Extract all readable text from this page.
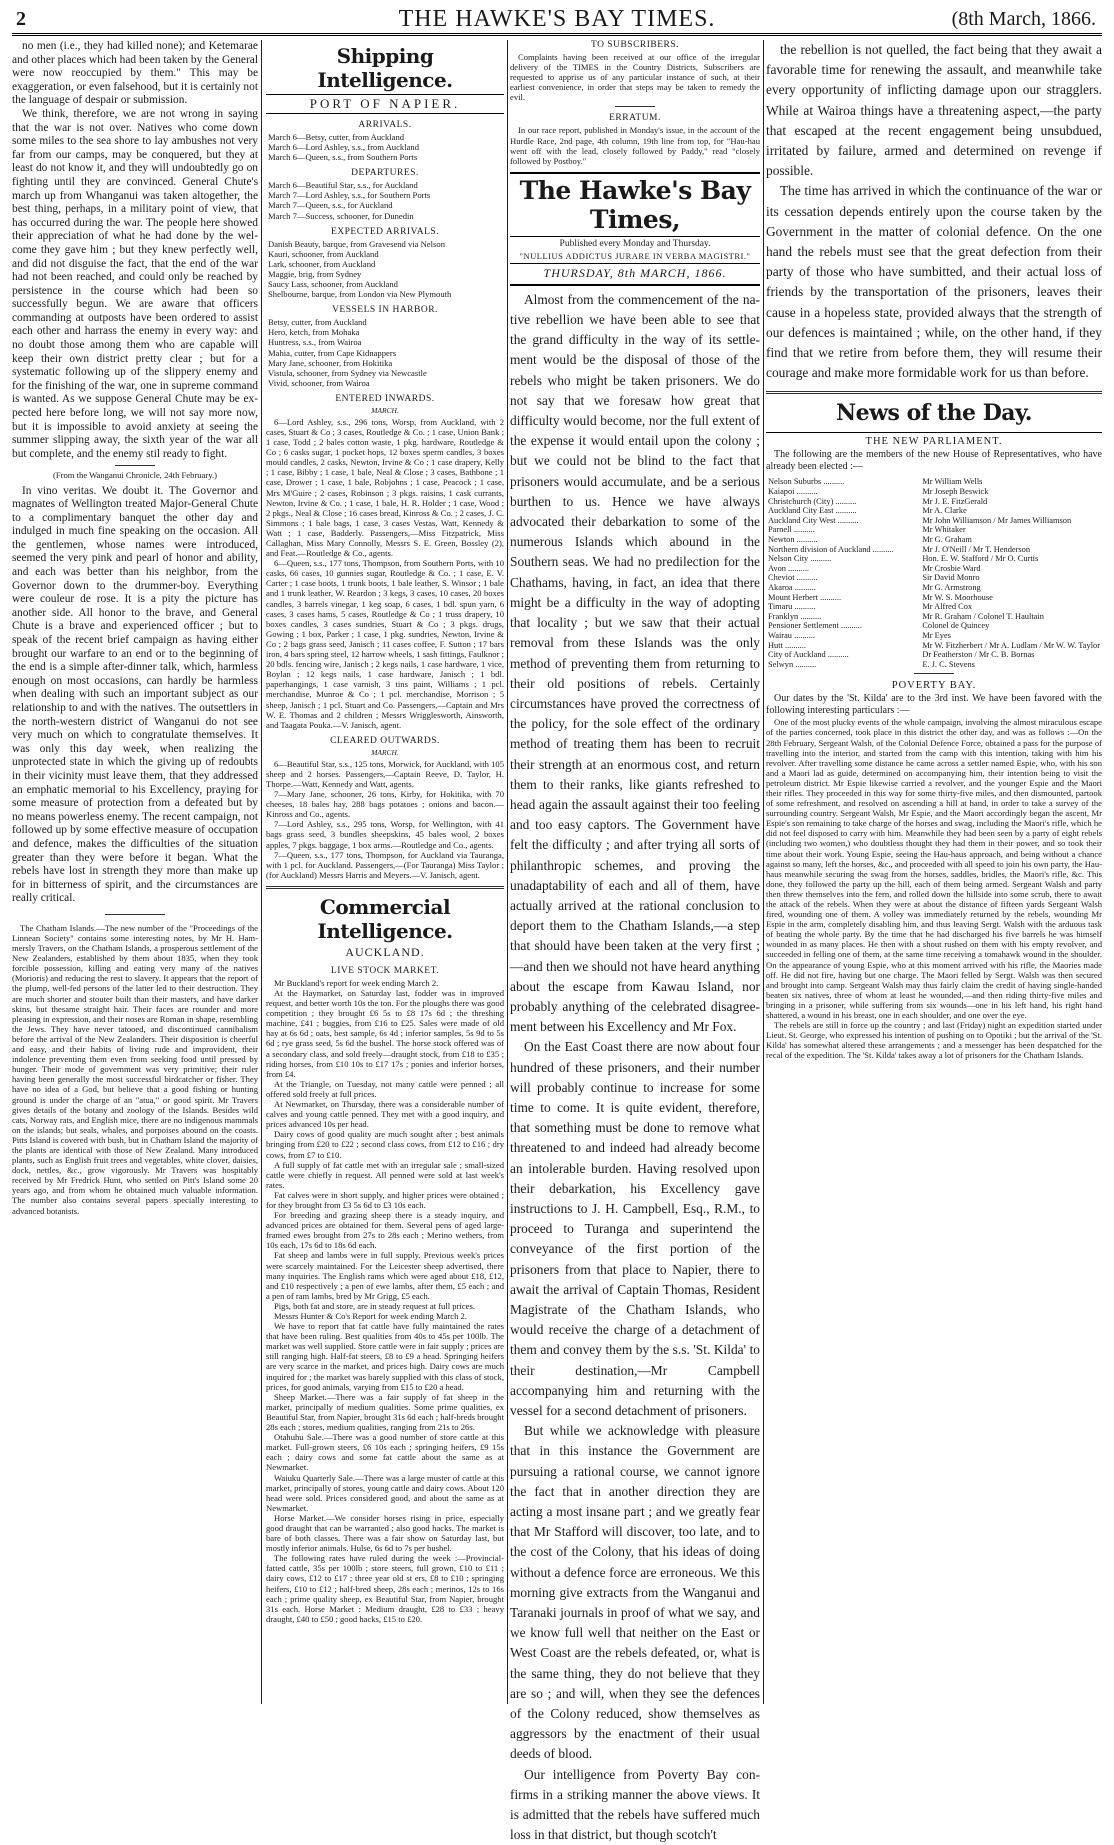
2	THE HAWKE'S BAY TIMES.	(8th March, 1866.

no men (i.e., they had killed none); and Ketemarae and other places which had been taken by the General were now reoccupied by them." This may be exaggeration, or even falsehood, but it is certainly not the language of despair or submission.

We think, therefore, we are not wrong in saying that the war is not over. Natives who come down some miles to the sea shore to lay ambushes not very far from our camps, may be conquered, but they at least do not know it, and they will undoubtedly go on fighting until they are convinced. General Chute's march up from Whanganui was taken altogether, the best thing, perhaps, in a military point of view, that has occurred during the war. The people here showed their appreciation of what he had done by the welcome they gave him ; but they knew perfectly well, and did not disguise the fact, that the end of the war had not been reached, and could only be reached by persistence in the course which had been so successfully begun. We are aware that officers commanding at outposts have been ordered to assist each other and harrass the enemy in every way: and no doubt those among them who are capable will keep their own district pretty clear ; but for a systematic following up of the slippery enemy and for the finishing of the war, one in supreme command is wanted. As we suppose General Chute may be expected here before long, we will not say more now, but it is impossible to avoid anxiety at seeing the summer slipping away, the sixth year of the war all but complete, and the enemy stil ready to fight.

(From the Wanganui Chronicle, 24th February.)

In vino veritas. We doubt it. The Governor and magnates of Wellington treated Major-General Chute to a complimentary banquet the other day and indulged in much fine speaking on the occasion. All the gentlemen, whose names were introduced, seemed the very pink and pearl of honor and ability, and each was better than his neighbor, from the Governor down to the drummer-boy. Everything were couleur de rose. It is a pity the picture has another side. All honor to the brave, and General Chute is a brave and experienced officer ; but to speak of the recent brief campaign as having either brought our warfare to an end or to the beginning of the end is a simple after-dinner talk, which, harmless enough on most occasions, can hardly be harmless when dealing with such an important subject as our relationship to and with the natives. The outsettlers in the north-western district of Wanganui do not see very much on which to congratulate themselves. It was only this day week, when realizing the unprotected state in which the giving up of redoubts in their vicinity must leave them, that they addressed an emphatic memorial to his Excellency, praying for some measure of protection from a defeated but by no means powerless enemy. The recent campaign, not followed up by some effective measure of occupation and defence, makes the difficulties of the situation greater than they were before it began. What the rebels have lost in strength they more than make up for in bitterness of spirit, and the circumstances are really critical.

The Chatham Islands.—The new number of the "Proceedings of the Linnean Society" contains some interesting notes, by Mr H. Hammersly Travers, on the Chatham Islands, a prosperous settlement of the New Zealanders, established by them about 1835, when they took forcible possession, killing and eating very many of the natives (Morioris) and reducing the rest to slavery. It appears that the report of the plump, well-fed persons of the latter led to their destruction. They are much shorter and stouter built than their masters, and have darker skins, but thesame straight hair. Their faces are rounder and more pleasing in expression, and their noses are Roman in shape, resembling the Jews. They have never tatooed, and discontinued cannibalism before the arrival of the New Zealanders. Their disposition is cheerful and easy, and their habits of living rude and improvident, their indolence preventing them even from seeking food until pressed by hunger. Their mode of government was very primitive; their ruler having been generally the most successful birdcatcher or fisher. They have no idea of a God, but believe that a good fishing or hunting ground is under the charge of an "atua," or good spirit. Mr Travers gives details of the botany and zoology of the Islands. Besides wild cats, Norway rats, and English mice, there are no indigenous mammals on the islands; but seals, whales, and porpoises abound on the coasts. Pitts Island is covered with bush, but in Chatham Island the majority of the plants are identical with those of New Zealand. Many introduced plants, such as English fruit trees and vegetables, white clover, daisies, dock, nettles, &c., grow vigorously. Mr Travers was hospitably received by Mr Fredrick Hunt, who settled on Pitt's Island some 20 years ago, and from whom he obtained much valuable information. The number also contains several papers specially interesting to advanced botanists.

Shipping Intelligence.
PORT OF NAPIER.
ARRIVALS.
March 6—Betsy, cutter, from Auckland
March 6—Lord Ashley, s.s., from Auckland
March 6—Queen, s.s., from Southern Ports
DEPARTURES.
March 6—Beautiful Star, s.s., for Auckland
March 7—Lord Ashley, s.s., for Southern Ports
March 7—Queen, s.s., for Auckland
March 7—Success, schooner, for Dunedin
EXPECTED ARRIVALS.
Danish Beauty, barque, from Gravesend via Nelson
Kauri, schooner, from Auckland
Lark, schooner, from Auckland
Maggie, brig, from Sydney
Saucy Lass, schooner, from Auckland
Shelbourne, barque, from London via New Plymouth
VESSELS IN HARBOR.
Betsy, cutter, from Auckland
Hero, ketch, from Mohaka
Huntress, s.s., from Wairoa
Mahia, cutter, from Cape Kidnappers
Mary Jane, schooner, from Hokitika
Vistula, schooner, from Sydney via Newcastle
Vivid, schooner, from Wairoa
ENTERED INWARDS.
MARCH.

6—Lord Ashley, s.s., 296 tons, Worsp, from Auckland, with 2 cases, Stuart & Co ; 3 cases, Routledge & Co. ; 1 case, Union Bank ; 1 case, Todd ; 2 bales cotton waste, 1 pkg. hardware, Routledge & Co ; 6 casks sugar, 1 pocket hops, 12 boxes sperm candles, 3 boxes mould candles, 2 casks, Newton, Irvine & Co ; 1 case drapery, Kelly ; 1 case, Bibby ; 1 case, 1 bale, Neal & Close ; 3 cases, Bathbone ; 1 case, Drower ; 1 case, 1 bale, Robjohns ; 1 case, Peacock ; 1 case, Mrs M'Guire ; 2 cases, Robinson ; 3 pkgs. raisins, 1 cask currants, Newton, Irvine & Co. ; 1 case, 1 bale, H. R. Holder ; 1 case, Wood ; 2 pkgs., Neal & Close ; 16 cases bread, Kinross & Co. ; 2 cases, J. C. Simmons ; 1 bale bags, 1 case, 3 cases Vestas, Watt, Kennedy & Watt ; 1 case, Badderly. Passengers,—Miss Fitzpatrick, Miss Callaghan, Miss Mary Connolly, Messrs S. E. Green, Bossley (2), and Feat.—Routledge & Co., agents.

6—Queen, s.s., 177 tons, Thompson, from Southern Ports, with 10 casks, 66 cases, 10 gunnies sugar, Routledge & Co. ; 1 case, E. V. Carter ; 1 case boots, 1 trunk boots, 1 bale leather, S. Winsor ; 1 bale and 1 trunk leather, W. Reardon ; 3 kegs, 3 cases, 10 cases, 20 boxes candles, 3 barrels vinegar, 1 keg soap, 6 cases, 1 bdl. spun yarn, 6 cases, 3 cases hams, 5 cases, Routledge & Co ; 1 truss drapery, 10 boxes candles, 3 cases sundries, Stuart & Co ; 3 pkgs. drugs, Gowing ; 1 box, Parker ; 1 case, 1 pkg. sundries, Newton, Irvine & Co ; 2 bags grass seed, Janisch ; 11 cases coffee, F. Sutton ; 17 bars iron, 4 bars spring steel, 12 harrow wheels, 1 sash fittings, Faulknor ; 20 bdls. fencing wire, Janisch ; 2 kegs nails, 1 case hardware, 1 vice, Boylan ; 12 kegs nails, 1 case hardware, Janisch ; 1 bdl. paperhangings, 1 case varnish, 3 tins paint, Williams ; 1 pcl. merchandise, Munroe & Co ; 1 pcl. merchandise, Morrison ; 5 sheep, Janisch ; 1 pcl. Stuart and Co. Passengers,—Captain and Mrs W. E. Thomas and 2 children ; Messrs Wrigglesworth, Ainsworth, and Taagata Pouka.—V. Janisch, agent.

CLEARED OUTWARDS.
MARCH.

6—Beautiful Star, s.s., 125 tons, Morwick, for Auckland, with 105 sheep and 2 horses. Passengers,—Captain Reeve, D. Taylor, H. Thorpe.—Watt, Kennedy and Watt, agents.

7—Mary Jane, schooner, 26 tons, Kirby, for Hokitika, with 70 cheeses, 18 bales hay, 288 bags potatoes ; onions and bacon.—Kinross and Co., agents.

7—Lord Ashley, s.s., 295 tons, Worsp, for Wellington, with 41 bags grass seed, 3 bundles sheepskins, 45 bales wool, 2 boxes apples, 7 pkgs. baggage, 1 box arms.—Routledge and Co., agents.

7—Queen, s.s., 177 tons, Thompson, for Auckland via Tauranga, with 1 pcl. for Auckland. Passengers,—(For Tauranga) Miss Taylor ; (for Auckland) Messrs Harris and Meyers.—V. Janisch, agent.

Commercial Intelligence.
AUCKLAND.
LIVE STOCK MARKET.

Mr Buckland's report for week ending March 2.

At the Haymarket, on Saturday last, fodder was in improved request, and better worth 10s the ton. For the ploughs there was good competition ; they brought £6 5s to £8 17s 6d ; the threshing machine, £41 ; buggies, from £16 to £25. Sales were made of old hay at 6s 6d ; oats, best sample, 6s 4d ; inferior samples, 5s 9d to 5s 6d ; rye grass seed, 5s 6d the bushel. The horse stock offered was of a secondary class, and sold freely—draught stock, from £18 to £35 ; riding horses, from £10 10s to £17 17s ; ponies and inferior horses, from £4.

At the Triangle, on Tuesday, not many cattle were penned ; all offered sold freely at full prices.

At Newmarket, on Thursday, there was a considerable number of calves and young cattle penned. They met with a good inquiry, and prices advanced 10s per head.

Dairy cows of good quality are much sought after ; best animals bringing from £20 to £22 ; second class cows, from £12 to £16 ; dry cows, from £7 to £10.

A full supply of fat cattle met with an irregular sale ; small-sized cattle were chiefly in request. All penned were sold at last week's rates.

Fat calves were in short supply, and higher prices were obtained ; for they brought from £3 5s 6d to £3 10s each.

For breeding and grazing sheep there is a steady inquiry, and advanced prices are obtained for them. Several pens of aged large-framed ewes brought from 27s to 28s each ; Merino wethers, from 10s each, 17s 6d to 18s 6d each.

Fat sheep and lambs were in full supply. Previous week's prices were scarcely maintained. For the Leicester sheep advertised, there many inquiries. The English rams which were aged about £18, £12, and £10 respectively ; a pen of ewe lambs, after them, £5 each ; and a pen of ram lambs, bred by Mr Grigg, £5 each.

Pigs, both fat and store, are in steady request at full prices.

Messrs Hunter & Co's Report for week ending March 2.

We have to report that fat cattle have fully maintained the rates that have been ruling. Best qualities from 40s to 45s per 100lb. The market was well supplied. Store cattle were in fair supply ; prices are still ranging high. Half-fat steers, £8 to £9 a head. Springing heifers are very scarce in the market, and prices high. Dairy cows are much inquired for ; the market was barely supplied with this class of stock, prices, for good animals, varying from £15 to £20 a head.

Sheep Market.—There was a fair supply of fat sheep in the market, principally of medium qualities. Some prime qualities, ex Beautiful Star, from Napier, brought 31s 6d each ; half-breds brought 28s each ; stores, medium qualities, ranging from 21s to 26s.

Otahuhu Sale.—There was a good number of store cattle at this market. Full-grown steers, £6 10s each ; springing heifers, £9 15s each ; dairy cows and some fat cattle about the same as at Newmarket.

Waiuku Quarterly Sale.—There was a large muster of cattle at this market, principally of stores, young cattle and dairy cows. About 120 head were sold. Prices considered good, and about the same as at Newmarket.

Horse Market.—We consider horses rising in price, especially good draught that can be warranted ; also good hacks. The market is bare of both classes. There was a fair show on Saturday last, but mostly inferior animals. Hulse, 6s 6d to 7s per bushel.

The following rates have ruled during the week :—Provincial-fatted cattle, 35s per 100lb ; store steers, full grown, £10 to £11 ; dairy cows, £12 to £17 ; three year old st ers, £8 to £10 ; springing heifers, £10 to £12 ; half-bred sheep, 28s each ; merinos, 12s to 16s each ; prime quality sheep, ex Beautiful Star, from Napier, brought 31s each. Horse Market : Medium draught, £28 to £33 ; heavy draught, £40 to £50 ; good hacks, £15 to £20.

TO SUBSCRIBERS.

Complaints having been received at our office of the irregular delivery of the TIMES in the Country Districts, Subscribers are requested to apprise us of any particular instance of such, at their earliest convenience, in order that steps may be taken to remedy the evil.

ERRATUM.

In our race report, published in Monday's issue, in the account of the Hurdle Race, 2nd page, 4th column, 19th line from top, for "Hau-hau went off with the lead, closely followed by Paddy," read "closely followed by Postboy."

The Hawke's Bay Times,
Published every Monday and Thursday.
"NULLIUS ADDICTUS JURARE IN VERBA MAGISTRI."
THURSDAY, 8th MARCH, 1866.

Almost from the commencement of the native rebellion we have been able to see that the grand difficulty in the way of its settlement would be the disposal of those of the rebels who might be taken prisoners. We do not say that we foresaw how great that difficulty would become, nor the full extent of the expense it would entail upon the colony ; but we could not be blind to the fact that prisoners would accumulate, and be a serious burthen to us. Hence we have always advocated their debarkation to some of the numerous Islands which abound in the Southern seas. We had no predilection for the Chathams, having, in fact, an idea that there might be a difficulty in the way of adopting that locality ; but we saw that their actual removal from these Islands was the only method of preventing them from returning to their old positions of rebels. Certainly circumstances have proved the correctness of the policy, for the sole effect of the ordinary method of treating them has been to recruit their strength at an enormous cost, and return them to their ranks, like giants refreshed to head again the assault against their too feeling and too easy captors. The Government have felt the difficulty ; and after trying all sorts of philanthropic schemes, and proving the unadaptability of each and all of them, have actually arrived at the rational conclusion to deport them to the Chatham Islands,—a step that should have been taken at the very first ;—and then we should not have heard anything about the escape from Kawau Island, nor probably anything of the celebrated disagreement between his Excellency and Mr Fox.

On the East Coast there are now about four hundred of these prisoners, and their number will probably continue to increase for some time to come. It is quite evident, therefore, that something must be done to remove what threatened to and indeed had already become an intolerable burden. Having resolved upon their debarkation, his Excellency gave instructions to J. H. Campbell, Esq., R.M., to proceed to Turanga and superintend the conveyance of the first portion of the prisoners from that place to Napier, there to await the arrival of Captain Thomas, Resident Magistrate of the Chatham Islands, who would receive the charge of a detachment of them and convey them by the s.s. 'St. Kilda' to their destination,—Mr Campbell accompanying him and returning with the vessel for a second detachment of prisoners.

But while we acknowledge with pleasure that in this instance the Government are pursuing a rational course, we cannot ignore the fact that in another direction they are acting a most insane part ; and we greatly fear that Mr Stafford will discover, too late, and to the cost of the Colony, that his ideas of doing without a defence force are erroneous. We this morning give extracts from the Wanganui and Taranaki journals in proof of what we say, and we know full well that neither on the East or West Coast are the rebels defeated, or, what is the same thing, they do not believe that they are so ; and will, when they see the defences of the Colony reduced, show themselves as aggressors by the enactment of their usual deeds of blood.

Our intelligence from Poverty Bay confirms in a striking manner the above views. It is admitted that the rebels have suffered much loss in that district, but though scotch't

the rebellion is not quelled, the fact being that they await a favorable time for renewing the assault, and meanwhile take every opportunity of inflicting damage upon our stragglers. While at Wairoa things have a threatening aspect,—the party that escaped at the recent engagement being unsubdued, irritated by failure, armed and determined on revenge if possible.

The time has arrived in which the continuance of the war or its cessation depends entirely upon the course taken by the Government in the matter of colonial defence. On the one hand the rebels must see that the great defection from their party of those who have sumbitted, and their actual loss of friends by the transportation of the prisoners, leaves their cause in a hopeless state, provided always that the strength of our defences is maintained ; while, on the other hand, if they find that we retire from before them, they will resume their courage and make more formidable work for us than before.

News of the Day.
THE NEW PARLIAMENT.

The following are the members of the new House of Representatives, who have already been elected :—

Nelson Suburbs ..........	Mr William Wells
Kaiapoi ..........	Mr Joseph Beswick
Christchurch (City) ..........	Mr J. E. FitzGerald
Auckland City East ..........	Mr A. Clarke
Auckland City West ..........	Mr John Williamson / Mr James Williamson
Parnell ..........	Mr Whitaker
Newton ..........	Mr G. Graham
Northern division of Auckland ..........	Mr J. O'Neill / Mr T. Henderson
Nelson City ..........	Hon. E. W. Stafford / Mr O. Curtis
Avon ..........	Mr Crosbie Ward
Cheviot ..........	Sir David Monro
Akaroa ..........	Mr G. Armstrong
Mount Herbert ..........	Mr W. S. Moorhouse
Timaru ..........	Mr Alfred Cox
Franklyn ..........	Mr R. Graham / Colonel T. Haultain
Pensioner Settlement ..........	Colonel de Quincey
Wairau ..........	Mr Eyes
Hutt ..........	Mr W. Fitzherbert / Mr A. Ludlam / Mr W. W. Taylor
City of Auckland ..........	Dr Featherston / Mr C. B. Bornas
Selwyn ..........	E. J. C. Stevens
POVERTY BAY.

Our dates by the 'St. Kilda' are to the 3rd inst. We have been favored with the following interesting particulars :—

One of the most plucky events of the whole campaign, involving the almost miraculous escape of the parties concerned, took place in this district the other day, and was as follows :—On the 28th February, Sergeant Walsh, of the Colonial Defence Force, obtained a pass for the purpose of travelling into the interior, and started from the camp with this intention, taking with him his revolver. After travelling some distance he came across a settler named Espie, who, with his son and a Maori lad as guide, determined on accompanying him, their intention being to visit the petroleum district. Mr Espie likewise carried a revolver, and the younger Espie and the Maori their rifles. They proceeded in this way for some thirty-five miles, and then dismounted, partook of some refreshment, and resolved on ascending a hill at hand, in order to take a survey of the surrounding country. Sergeant Walsh, Mr Espie, and the Maori accordingly began the ascent, Mr Espie's son remaining to take charge of the horses and swag, including the Maori's rifle, which he did not feel disposed to carry with him. Meanwhile they had been seen by a party of eight rebels (including two women,) who doubtless thought they had them in their power, and so took their time about their work. Young Espie, seeing the Hau-haus approach, and being without a chance against so many, left the horses, &c., and proceeded with all speed to join his own party, the Hau-haus meanwhile securing the swag from the horses, saddles, bridles, the Maori's rifle, &c. This done, they followed the party up the hill, each of them being armed. Sergeant Walsh and party then threw themselves into the fern, and rolled down the hillside into some scrub, there to await the attack of the rebels. When they were at about the distance of fifteen yards Sergeant Walsh fired, wounding one of them. A volley was immediately returned by the rebels, wounding Mr Espie in the arm, completely disabling him, and thus leaving Sergt. Walsh with the arduous task of beating the whole party. By the time that he had discharged his five barrels he was himself wounded in as many places. He then with a shout rushed on them with his empty revolver, and succeeded in felling one of them, at the same time receiving a tomahawk wound in the shoulder. On the appearance of young Espie, who at this moment arrived with his rifle, the Maories made off. He did not fire, having but one charge. The Maori felled by Sergt. Walsh was then secured and brought into camp. Sergeant Walsh may thus fairly claim the credit of having single-handed beaten six natives, three of whom at least he wounded,—and then riding thirty-five miles and bringing in a prisoner, while suffering from six wounds—one in his left hand, his right hand shattered, a wound in his breast, one in each shoulder, and one over the eye.

The rebels are still in force up the country ; and last (Friday) night an expedition started under Lieut. St. George, who expressed his intention of pushing on to Opotiki ; but the arrival of the 'St. Kilda' has somewhat altered these arrangements ; and a messenger has been despatched for the recal of the expedition. The 'St. Kilda' takes away a lot of prisoners for the Chatham Islands.
